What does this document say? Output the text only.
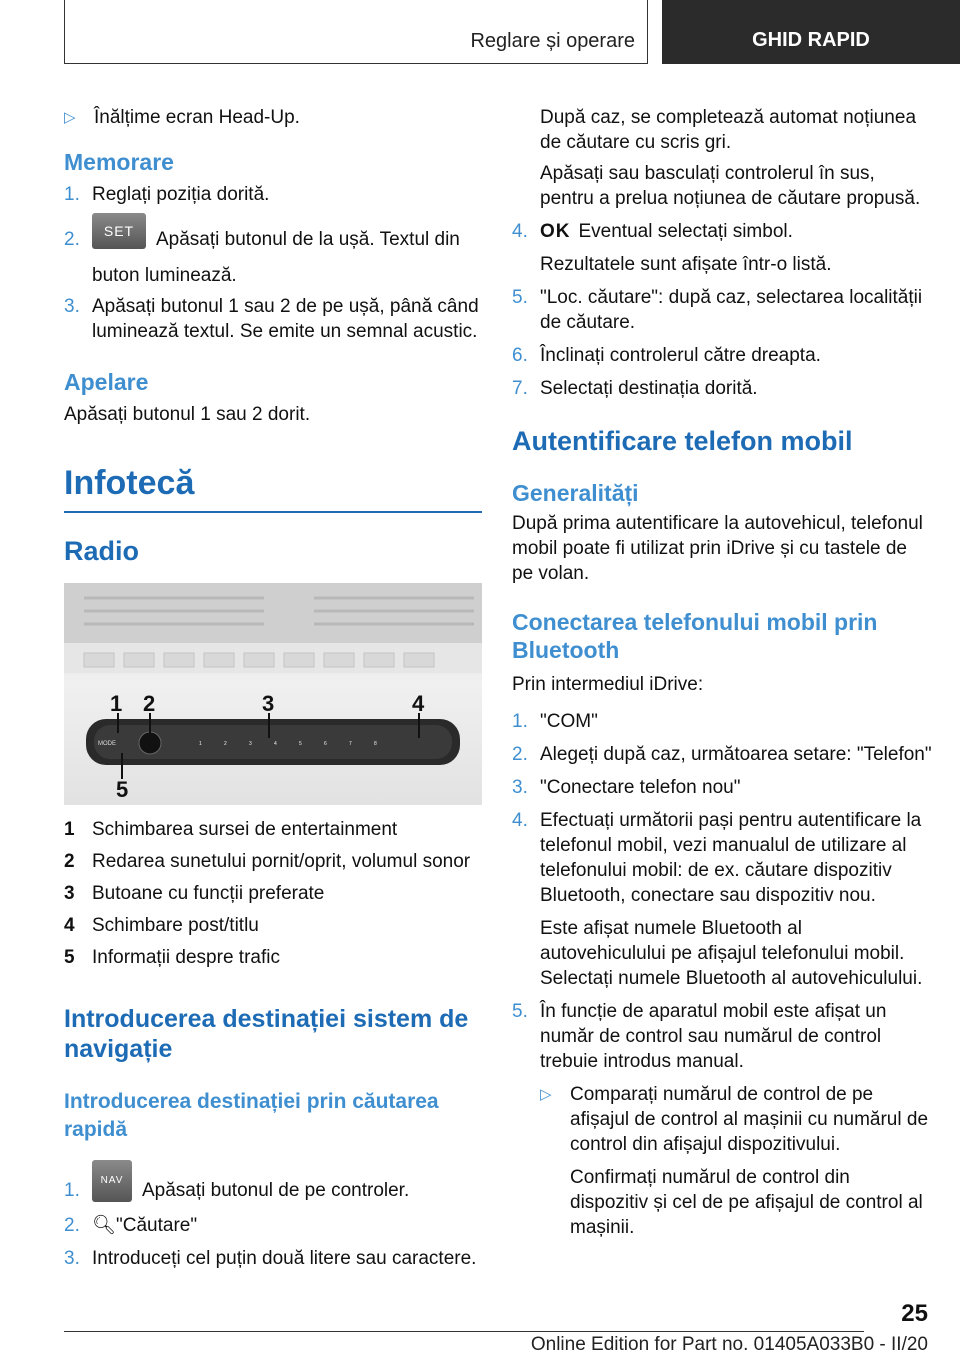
Reglare și operare	GHID RAPID
▷ Înălțime ecran Head-Up.
Memorare
1. Reglați poziția dorită.
2.	SET Apăsați butonul de la ușă. Textul din buton luminează.
3. Apăsați butonul 1 sau 2 de pe ușă, până când luminează textul. Se emite un semnal acustic.
Apelare

Apăsați butonul 1 sau 2 dorit.

Infotecă
Radio
MODE	1	2	3	4	5	6	7	8
1 2	3	4
5
1 Schimbarea sursei de entertainment
2 Redarea sunetului pornit/oprit, volumul sonor
3 Butoane cu funcții preferate
4 Schimbare post/titlu
5 Informații despre trafic
Introducerea destinației sistem de navigație
Introducerea destinației prin căutarea rapidă
1.	NAV Apăsați butonul de pe controler.
2. 🔍︎"Căutare"
3. Introduceți cel puțin două litere sau caractere.

După caz, se completează automat noțiunea de căutare cu scris gri.

Apăsați sau basculați controlerul în sus, pentru a prelua noțiunea de căutare propusă.

4. OK Eventual selectați simbol.
Rezultatele sunt afișate într-o listă.
5. "Loc. căutare": după caz, selectarea localității de căutare.
6. Înclinați controlerul către dreapta.
7. Selectați destinația dorită.
Autentificare telefon mobil
Generalități

După prima autentificare la autovehicul, telefonul mobil poate fi utilizat prin iDrive și cu tastele de pe volan.

Conectarea telefonului mobil prin Bluetooth

Prin intermediul iDrive:

1. "COM"
2. Alegeți după caz, următoarea setare: "Telefon"
3. "Conectare telefon nou"
4. Efectuați următorii pași pentru autentificare la telefonul mobil, vezi manualul de utilizare al telefonului mobil: de ex. căutare dispozitiv Bluetooth, conectare sau dispozitiv nou.
Este afișat numele Bluetooth al autovehiculului pe afișajul telefonului mobil. Selectați numele Bluetooth al autovehiculului.
5. În funcție de aparatul mobil este afișat un număr de control sau numărul de control trebuie introdus manual.
▷ Comparați numărul de control de pe afișajul de control al mașinii cu numărul de control din afișajul dispozitivului.

Confirmați numărul de control din dispozitiv și cel de pe afișajul de control al mașinii.

25
Online Edition for Part no. 01405A033B0 - II/20
